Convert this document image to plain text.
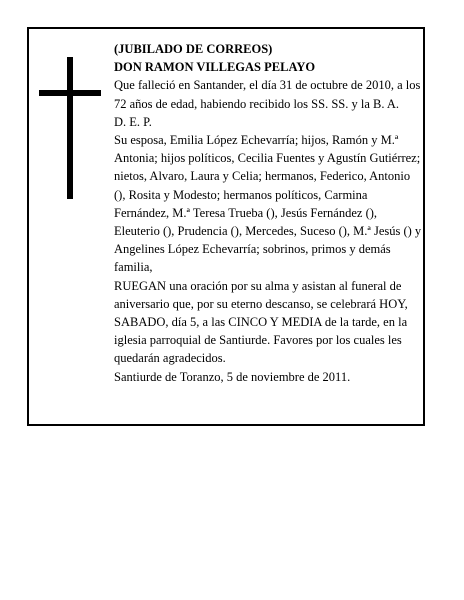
(JUBILADO DE CORREOS)

DON RAMON VILLEGAS PELAYO

Que falleció en Santander, el día 31 de octubre de 2010, a los 72 años de edad, habiendo recibido los SS. SS. y la B. A.

D. E. P.

Su esposa, Emilia López Echevarría; hijos, Ramón y M.ª Antonia; hijos políticos, Cecilia Fuentes y Agustín Gutiérrez; nietos, Alvaro, Laura y Celia; hermanos, Federico, Antonio (), Rosita y Modesto; hermanos políticos, Carmina Fernández, M.ª Teresa Trueba (), Jesús Fernández (), Eleuterio (), Prudencia (), Mercedes, Suceso (), M.ª Jesús () y Angelines López Echevarría; sobrinos, primos y demás familia,

RUEGAN una oración por su alma y asistan al funeral de aniversario que, por su eterno descanso, se celebrará HOY, SABADO, día 5, a las CINCO Y MEDIA de la tarde, en la iglesia parroquial de Santiurde. Favores por los cuales les quedarán agradecidos.

Santiurde de Toranzo, 5 de noviembre de 2011.
